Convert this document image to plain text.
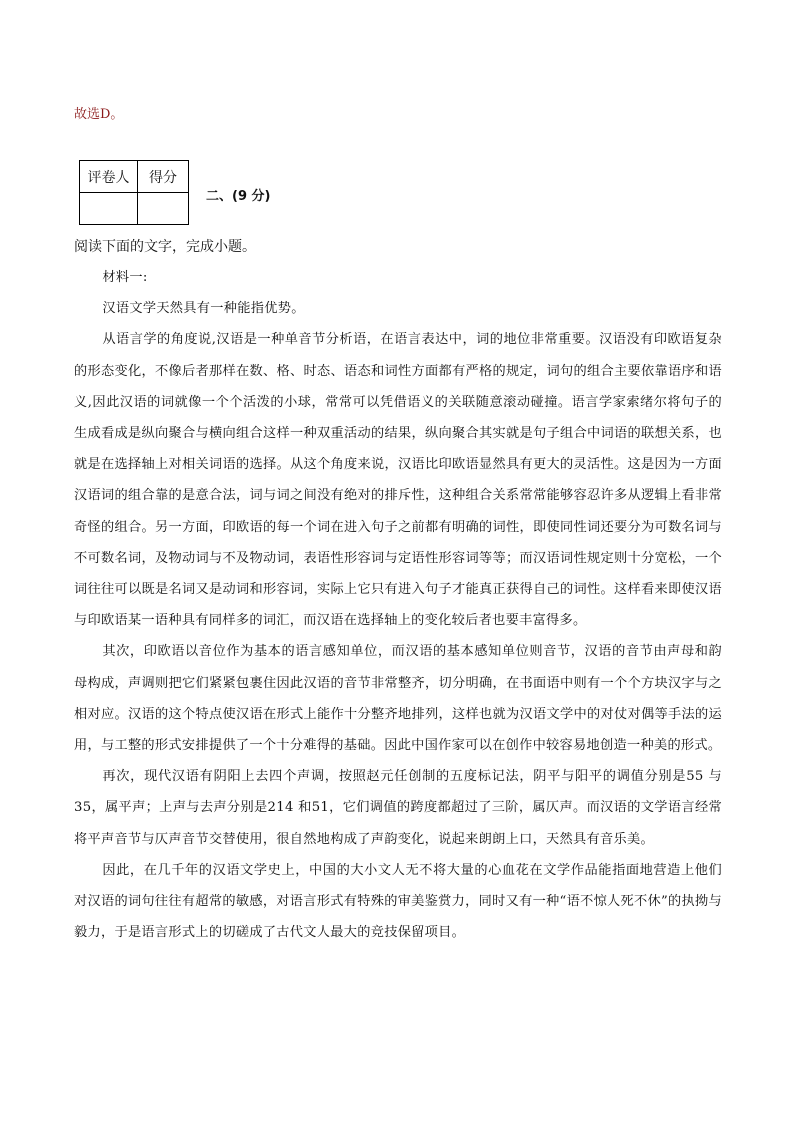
故选D。
评卷人	得分

二、(9 分)
阅读下面的文字，完成小题。

材料一:

汉语文学天然具有一种能指优势。

从语言学的角度说,汉语是一种单音节分析语，在语言表达中，词的地位非常重要。汉语没有印欧语复杂的形态变化，不像后者那样在数、格、时态、语态和词性方面都有严格的规定，词句的组合主要依靠语序和语义,因此汉语的词就像一个个活泼的小球，常常可以凭借语义的关联随意滚动碰撞。语言学家索绪尔将句子的生成看成是纵向聚合与横向组合这样一种双重活动的结果，纵向聚合其实就是句子组合中词语的联想关系，也就是在选择轴上对相关词语的选择。从这个角度来说，汉语比印欧语显然具有更大的灵活性。这是因为一方面汉语词的组合靠的是意合法，词与词之间没有绝对的排斥性，这种组合关系常常能够容忍许多从逻辑上看非常奇怪的组合。另一方面，印欧语的每一个词在进入句子之前都有明确的词性，即使同性词还要分为可数名词与不可数名词，及物动词与不及物动词，表语性形容词与定语性形容词等等；而汉语词性规定则十分宽松，一个词往往可以既是名词又是动词和形容词，实际上它只有进入句子才能真正获得自己的词性。这样看来即使汉语与印欧语某一语种具有同样多的词汇，而汉语在选择轴上的变化较后者也要丰富得多。

其次，印欧语以音位作为基本的语言感知单位，而汉语的基本感知单位则音节，汉语的音节由声母和韵母构成，声调则把它们紧紧包裹住因此汉语的音节非常整齐，切分明确，在书面语中则有一个个方块汉字与之相对应。汉语的这个特点使汉语在形式上能作十分整齐地排列，这样也就为汉语文学中的对仗对偶等手法的运用，与工整的形式安排提供了一个十分难得的基础。因此中国作家可以在创作中较容易地创造一种美的形式。

再次，现代汉语有阴阳上去四个声调，按照赵元任创制的五度标记法，阴平与阳平的调值分别是55 与35，属平声；上声与去声分别是214 和51，它们调值的跨度都超过了三阶，属仄声。而汉语的文学语言经常将平声音节与仄声音节交替使用，很自然地构成了声韵变化，说起来朗朗上口，天然具有音乐美。

因此，在几千年的汉语文学史上，中国的大小文人无不将大量的心血花在文学作品能指面地营造上他们对汉语的词句往往有超常的敏感，对语言形式有特殊的审美鉴赏力，同时又有一种“语不惊人死不休”的执拗与毅力，于是语言形式上的切磋成了古代文人最大的竞技保留项目。
